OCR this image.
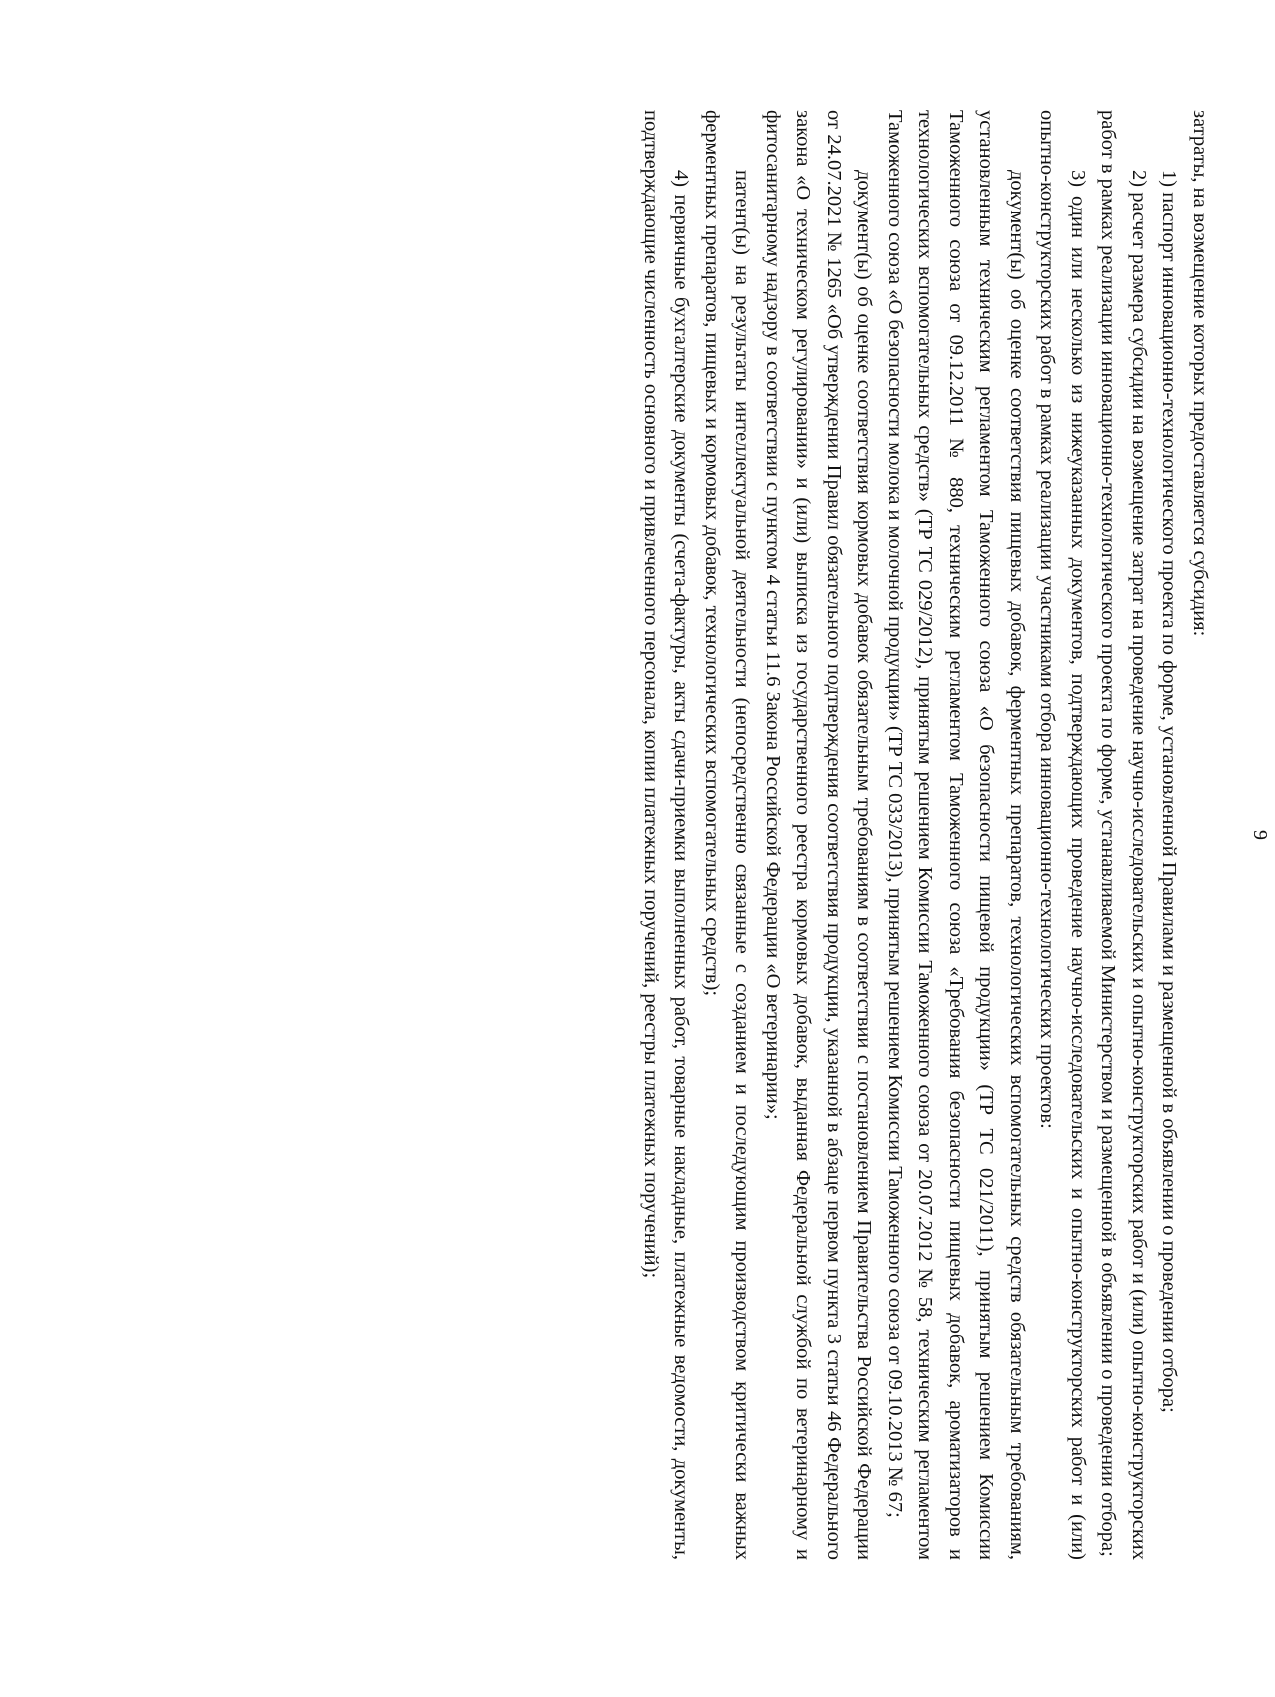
9

затраты, на возмещение которых предоставляется субсидия:

1) паспорт инновационно-технологического проекта по форме, установленной Правилами и размещенной в объявлении о проведении отбора;

2) расчет размера субсидии на возмещение затрат на проведение научно-исследовательских и опытно-конструкторских работ и (или) опытно-конструкторских работ в рамках реализации инновационно-технологического проекта по форме, устанавливаемой Министерством и размещенной в объявлении о проведении отбора;

3) один или несколько из нижеуказанных документов, подтверждающих проведение научно-исследовательских и опытно-конструкторских работ и (или) опытно-конструкторских работ в рамках реализации участниками отбора инновационно-технологических проектов:

документ(ы) об оценке соответствия пищевых добавок, ферментных препаратов, технологических вспомогательных средств обязательным требованиям, установленным техническим регламентом Таможенного союза «О безопасности пищевой продукции» (ТР ТС 021/2011), принятым решением Комиссии Таможенного союза от 09.12.2011 № 880, техническим регламентом Таможенного союза «Требования безопасности пищевых добавок, ароматизаторов и технологических вспомогательных средств» (ТР ТС 029/2012), принятым решением Комиссии Таможенного союза от 20.07.2012 № 58, техническим регламентом Таможенного союза «О безопасности молока и молочной продукции» (ТР ТС 033/2013), принятым решением Комиссии Таможенного союза от 09.10.2013 № 67;

документ(ы) об оценке соответствия кормовых добавок обязательным требованиям в соответствии с постановлением Правительства Российской Федерации от 24.07.2021 № 1265 «Об утверждении Правил обязательного подтверждения соответствия продукции, указанной в абзаце первом пункта 3 статьи 46 Федерального закона «О техническом регулировании» и (или) выписка из государственного реестра кормовых добавок, выданная Федеральной службой по ветеринарному и фитосанитарному надзору в соответствии с пунктом 4 статьи 11.6 Закона Российской Федерации «О ветеринарии»;

патент(ы) на результаты интеллектуальной деятельности (непосредственно связанные с созданием и последующим производством критически важных ферментных препаратов, пищевых и кормовых добавок, технологических вспомогательных средств);

4) первичные бухгалтерские документы (счета-фактуры, акты сдачи-приемки выполненных работ, товарные накладные, платежные ведомости, документы, подтверждающие численность основного и привлеченного персонала, копии платежных поручений, реестры платежных поручений);
